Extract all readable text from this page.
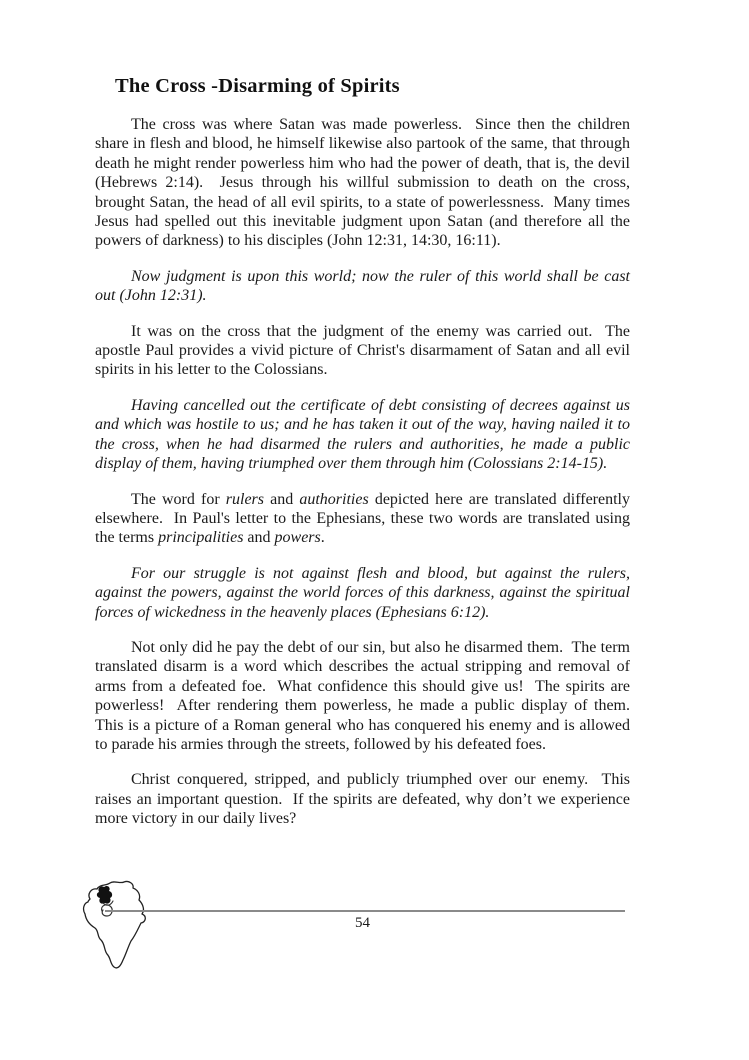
The Cross -Disarming of Spirits

The cross was where Satan was made powerless.  Since then the children share in flesh and blood, he himself likewise also partook of the same, that through death he might render powerless him who had the power of death, that is, the devil (Hebrews 2:14).  Jesus through his willful submission to death on the cross, brought Satan, the head of all evil spirits, to a state of powerlessness.  Many times Jesus had spelled out this inevitable judgment upon Satan (and therefore all the powers of darkness) to his disciples (John 12:31, 14:30, 16:11).

Now judgment is upon this world; now the ruler of this world shall be cast out (John 12:31).

It was on the cross that the judgment of the enemy was carried out.  The apostle Paul provides a vivid picture of Christ's disarmament of Satan and all evil spirits in his letter to the Colossians.

Having cancelled out the certificate of debt consisting of decrees against us and which was hostile to us; and he has taken it out of the way, having nailed it to the cross, when he had disarmed the rulers and authorities, he made a public display of them, having triumphed over them through him (Colossians 2:14-15).

The word for rulers and authorities depicted here are translated differently elsewhere.  In Paul's letter to the Ephesians, these two words are translated using the terms principalities and powers.

For our struggle is not against flesh and blood, but against the rulers, against the powers, against the world forces of this darkness, against the spiritual forces of wickedness in the heavenly places (Ephesians 6:12).

Not only did he pay the debt of our sin, but also he disarmed them.  The term translated disarm is a word which describes the actual stripping and removal of arms from a defeated foe.  What confidence this should give us!  The spirits are powerless!  After rendering them powerless, he made a public display of them.  This is a picture of a Roman general who has conquered his enemy and is allowed to parade his armies through the streets, followed by his defeated foes.

Christ conquered, stripped, and publicly triumphed over our enemy.  This raises an important question.  If the spirits are defeated, why don’t we experience more victory in our daily lives?

54
